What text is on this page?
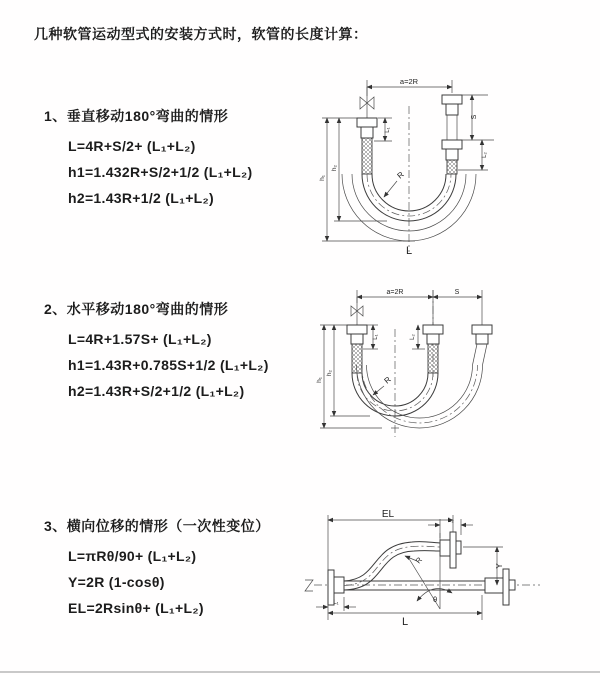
几种软管运动型式的安装方式时，软管的长度计算：
1、垂直移动180°弯曲的情形
L=4R+S/2+ (L₁+L₂)
h1=1.432R+S/2+1/2 (L₁+L₂)
h2=1.43R+1/2 (L₁+L₂)
2、水平移动180°弯曲的情形
L=4R+1.57S+ (L₁+L₂)
h1=1.43R+0.785S+1/2 (L₁+L₂)
h2=1.43R+S/2+1/2 (L₁+L₂)
3、横向位移的情形（一次性变位）
L=πRθ/90+ (L₁+L₂)
Y=2R (1-cosθ)
EL=2Rsinθ+ (L₁+L₂)
a=2R
L₁
S
L₂
h₁
h₂
R
L
a=2R	S
L₁	L₂
h₁
h₂
R
EL
L₁
L₂
Y
θ
R
L
